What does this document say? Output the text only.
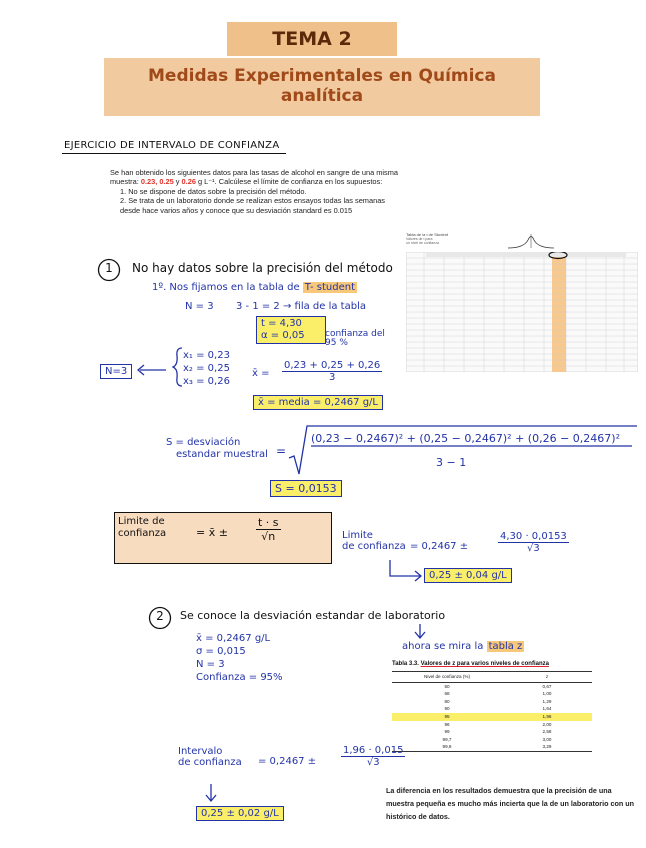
TEMA 2
Medidas Experimentales en Química
analítica
EJERCICIO DE INTERVALO DE CONFIANZA
Se han obtenido los siguientes datos para las tasas de alcohol en sangre de una misma muestra: 0.23, 0.25 y 0.26 g L⁻¹. Calcúlese el límite de confianza en los supuestos:
1. No se dispone de datos sobre la precisión del método.
2. Se trata de un laboratorio donde se realizan estos ensayos todas las semanas desde hace varios años y conoce que su desviación standard es 0.015
Tabla de la t de Student
Valores de t para
un nivel de confianza
1	No hay datos sobre la precisión del método
1º. Nos fijamos en la tabla de T- student
N = 3 3 - 1 = 2 → fila de la tabla
t = 4,30
α = 0,05	confianza del 95 %
N=3
x₁ = 0,23
x₂ = 0,25
x₃ = 0,26
x̄ = $\frac{0,23 + 0,25 + 0,26}{3}$
x̄ = media = 0,2467 g/L
S = desviación
estandar muestral =
(0,23 − 0,2467)² + (0,25 − 0,2467)² + (0,26 − 0,2467)²
3 − 1
S = 0,0153
Limite de
confianza	= x̄ ±	$\frac{t \cdot s}{√n}$	Limite
de confianza = 0,2467 ±	$\frac{4,30 \cdot 0,0153}{√3}$
0,25 ± 0,04 g/L
2	Se conoce la desviación estandar de laboratorio
x̄ = 0,2467 g/L
σ = 0,015
N = 3
Confianza = 95%
ahora se mira la tabla z
Tabla 3.3. Valores de z para varios niveles de confianza
Nivel de confianza (%)	z
50	0,67
68	1,00
80	1,29
90	1,64
95	1,96
96	2,00
99	2,58
99,7	3,00
99,9	3,29
Intervalo
de confianza = $0,2467 \pm \frac{1,96 \cdot 0,015}{√3}$
0,25 ± 0,02 g/L
La diferencia en los resultados demuestra que la precisión de una muestra pequeña es mucho más incierta que la de un laboratorio con un histórico de datos.
